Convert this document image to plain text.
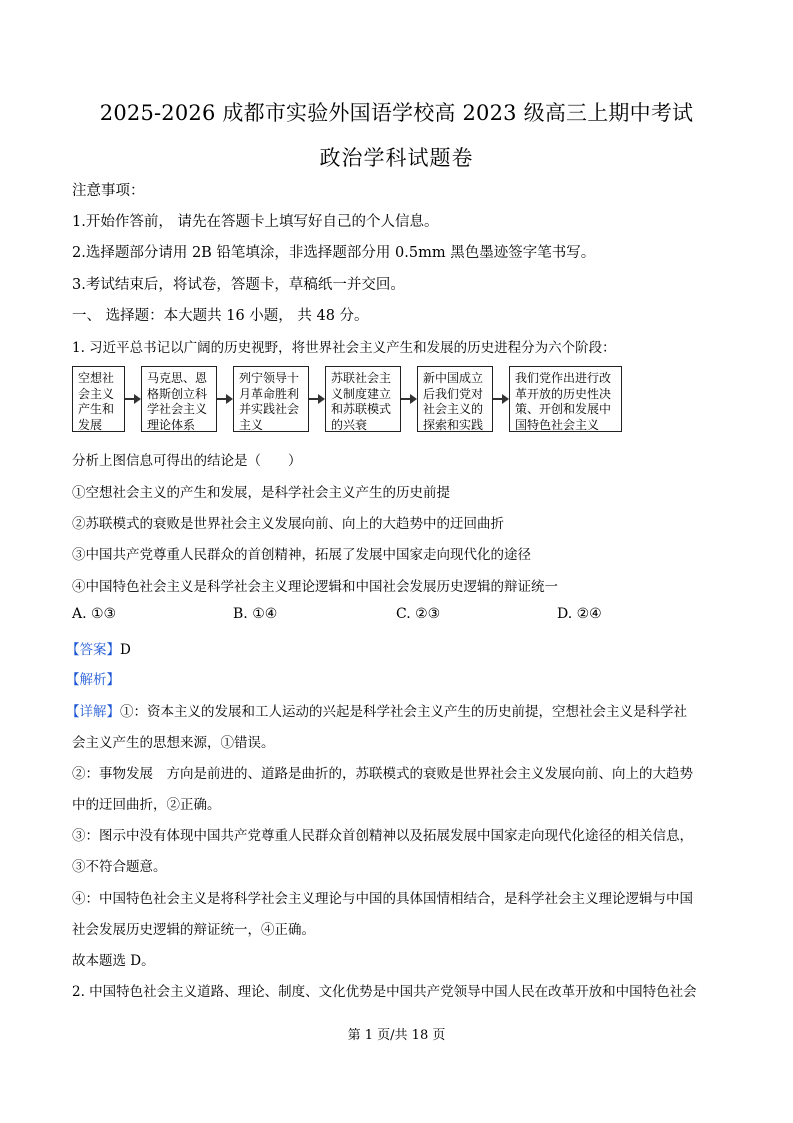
2025-2026 成都市实验外国语学校高 2023 级高三上期中考试
政治学科试题卷
注意事项：
1.开始作答前， 请先在答题卡上填写好自己的个人信息。
2.选择题部分请用 2B 铅笔填涂，非选择题部分用 0.5mm 黑色墨迹签字笔书写。
3.考试结束后，将试卷，答题卡，草稿纸一并交回。
一、 选择题：本大题共 16 小题， 共 48 分。
1. 习近平总书记以广阔的历史视野，将世界社会主义产生和发展的历史进程分为六个阶段：
空想社
会主义
产生和
发展
马克思、恩
格斯创立科
学社会主义
理论体系
列宁领导十
月革命胜利
并实践社会
主义
苏联社会主
义制度建立
和苏联模式
的兴衰
新中国成立
后我们党对
社会主义的
探索和实践
我们党作出进行改
革开放的历史性决
策、开创和发展中
国特色社会主义
分析上图信息可得出的结论是（　　）
①空想社会主义的产生和发展，是科学社会主义产生的历史前提
②苏联模式的衰败是世界社会主义发展向前、向上的大趋势中的迂回曲折
③中国共产党尊重人民群众的首创精神，拓展了发展中国家走向现代化的途径
④中国特色社会主义是科学社会主义理论逻辑和中国社会发展历史逻辑的辩证统一
A. ①③	B. ①④	C. ②③	D. ②④
【答案】D
【解析】
【详解】①：资本主义的发展和工人运动的兴起是科学社会主义产生的历史前提，空想社会主义是科学社
会主义产生的思想来源，①错误。
②：事物发展　方向是前进的、道路是曲折的，苏联模式的衰败是世界社会主义发展向前、向上的大趋势
中的迂回曲折，②正确。
③：图示中没有体现中国共产党尊重人民群众首创精神以及拓展发展中国家走向现代化途径的相关信息，
③不符合题意。
④：中国特色社会主义是将科学社会主义理论与中国的具体国情相结合，是科学社会主义理论逻辑与中国
社会发展历史逻辑的辩证统一，④正确。
故本题选 D。
2. 中国特色社会主义道路、理论、制度、文化优势是中国共产党领导中国人民在改革开放和中国特色社会
第 1 页/共 18 页
